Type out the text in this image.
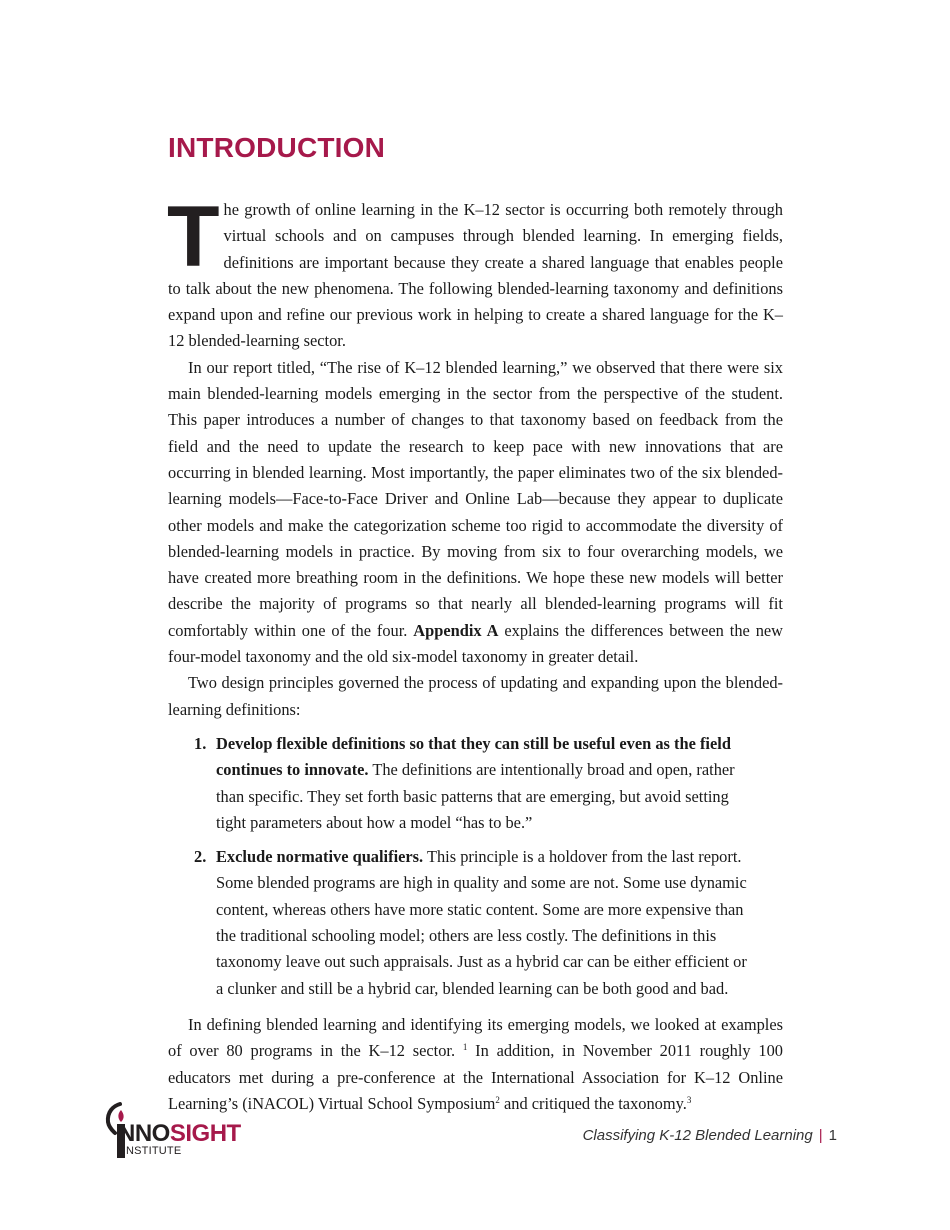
INTRODUCTION

The growth of online learning in the K–12 sector is occurring both remotely through virtual schools and on campuses through blended learning. In emerging fields, definitions are important because they create a shared language that enables people to talk about the new phenomena. The following blended-learning taxonomy and definitions expand upon and refine our previous work in helping to create a shared language for the K–12 blended-learning sector.

In our report titled, “The rise of K–12 blended learning,” we observed that there were six main blended-learning models emerging in the sector from the perspective of the student. This paper introduces a number of changes to that taxonomy based on feedback from the field and the need to update the research to keep pace with new innovations that are occurring in blended learning. Most importantly, the paper eliminates two of the six blended-learning models—Face-to-Face Driver and Online Lab—because they appear to duplicate other models and make the categorization scheme too rigid to accommodate the diversity of blended-learning models in practice. By moving from six to four overarching models, we have created more breathing room in the definitions. We hope these new models will better describe the majority of programs so that nearly all blended-learning programs will fit comfortably within one of the four. Appendix A explains the differences between the new four-model taxonomy and the old six-model taxonomy in greater detail.

Two design principles governed the process of updating and expanding upon the blended-learning definitions:

1. Develop flexible definitions so that they can still be useful even as the field continues to innovate. The definitions are intentionally broad and open, rather than specific. They set forth basic patterns that are emerging, but avoid setting tight parameters about how a model “has to be.”
2. Exclude normative qualifiers. This principle is a holdover from the last report. Some blended programs are high in quality and some are not. Some use dynamic content, whereas others have more static content. Some are more expensive than the traditional schooling model; others are less costly. The definitions in this taxonomy leave out such appraisals. Just as a hybrid car can be either efficient or a clunker and still be a hybrid car, blended learning can be both good and bad.

In defining blended learning and identifying its emerging models, we looked at examples of over 80 programs in the K–12 sector. $^1$ In addition, in November 2011 roughly 100 educators met during a pre-conference at the International Association for K–12 Online Learning’s (iNACOL) Virtual School Symposium$^2$ and critiqued the taxonomy.$^3$

NNOSIGHT
NSTITUTE
Classifying K-12 Blended Learning | 1
